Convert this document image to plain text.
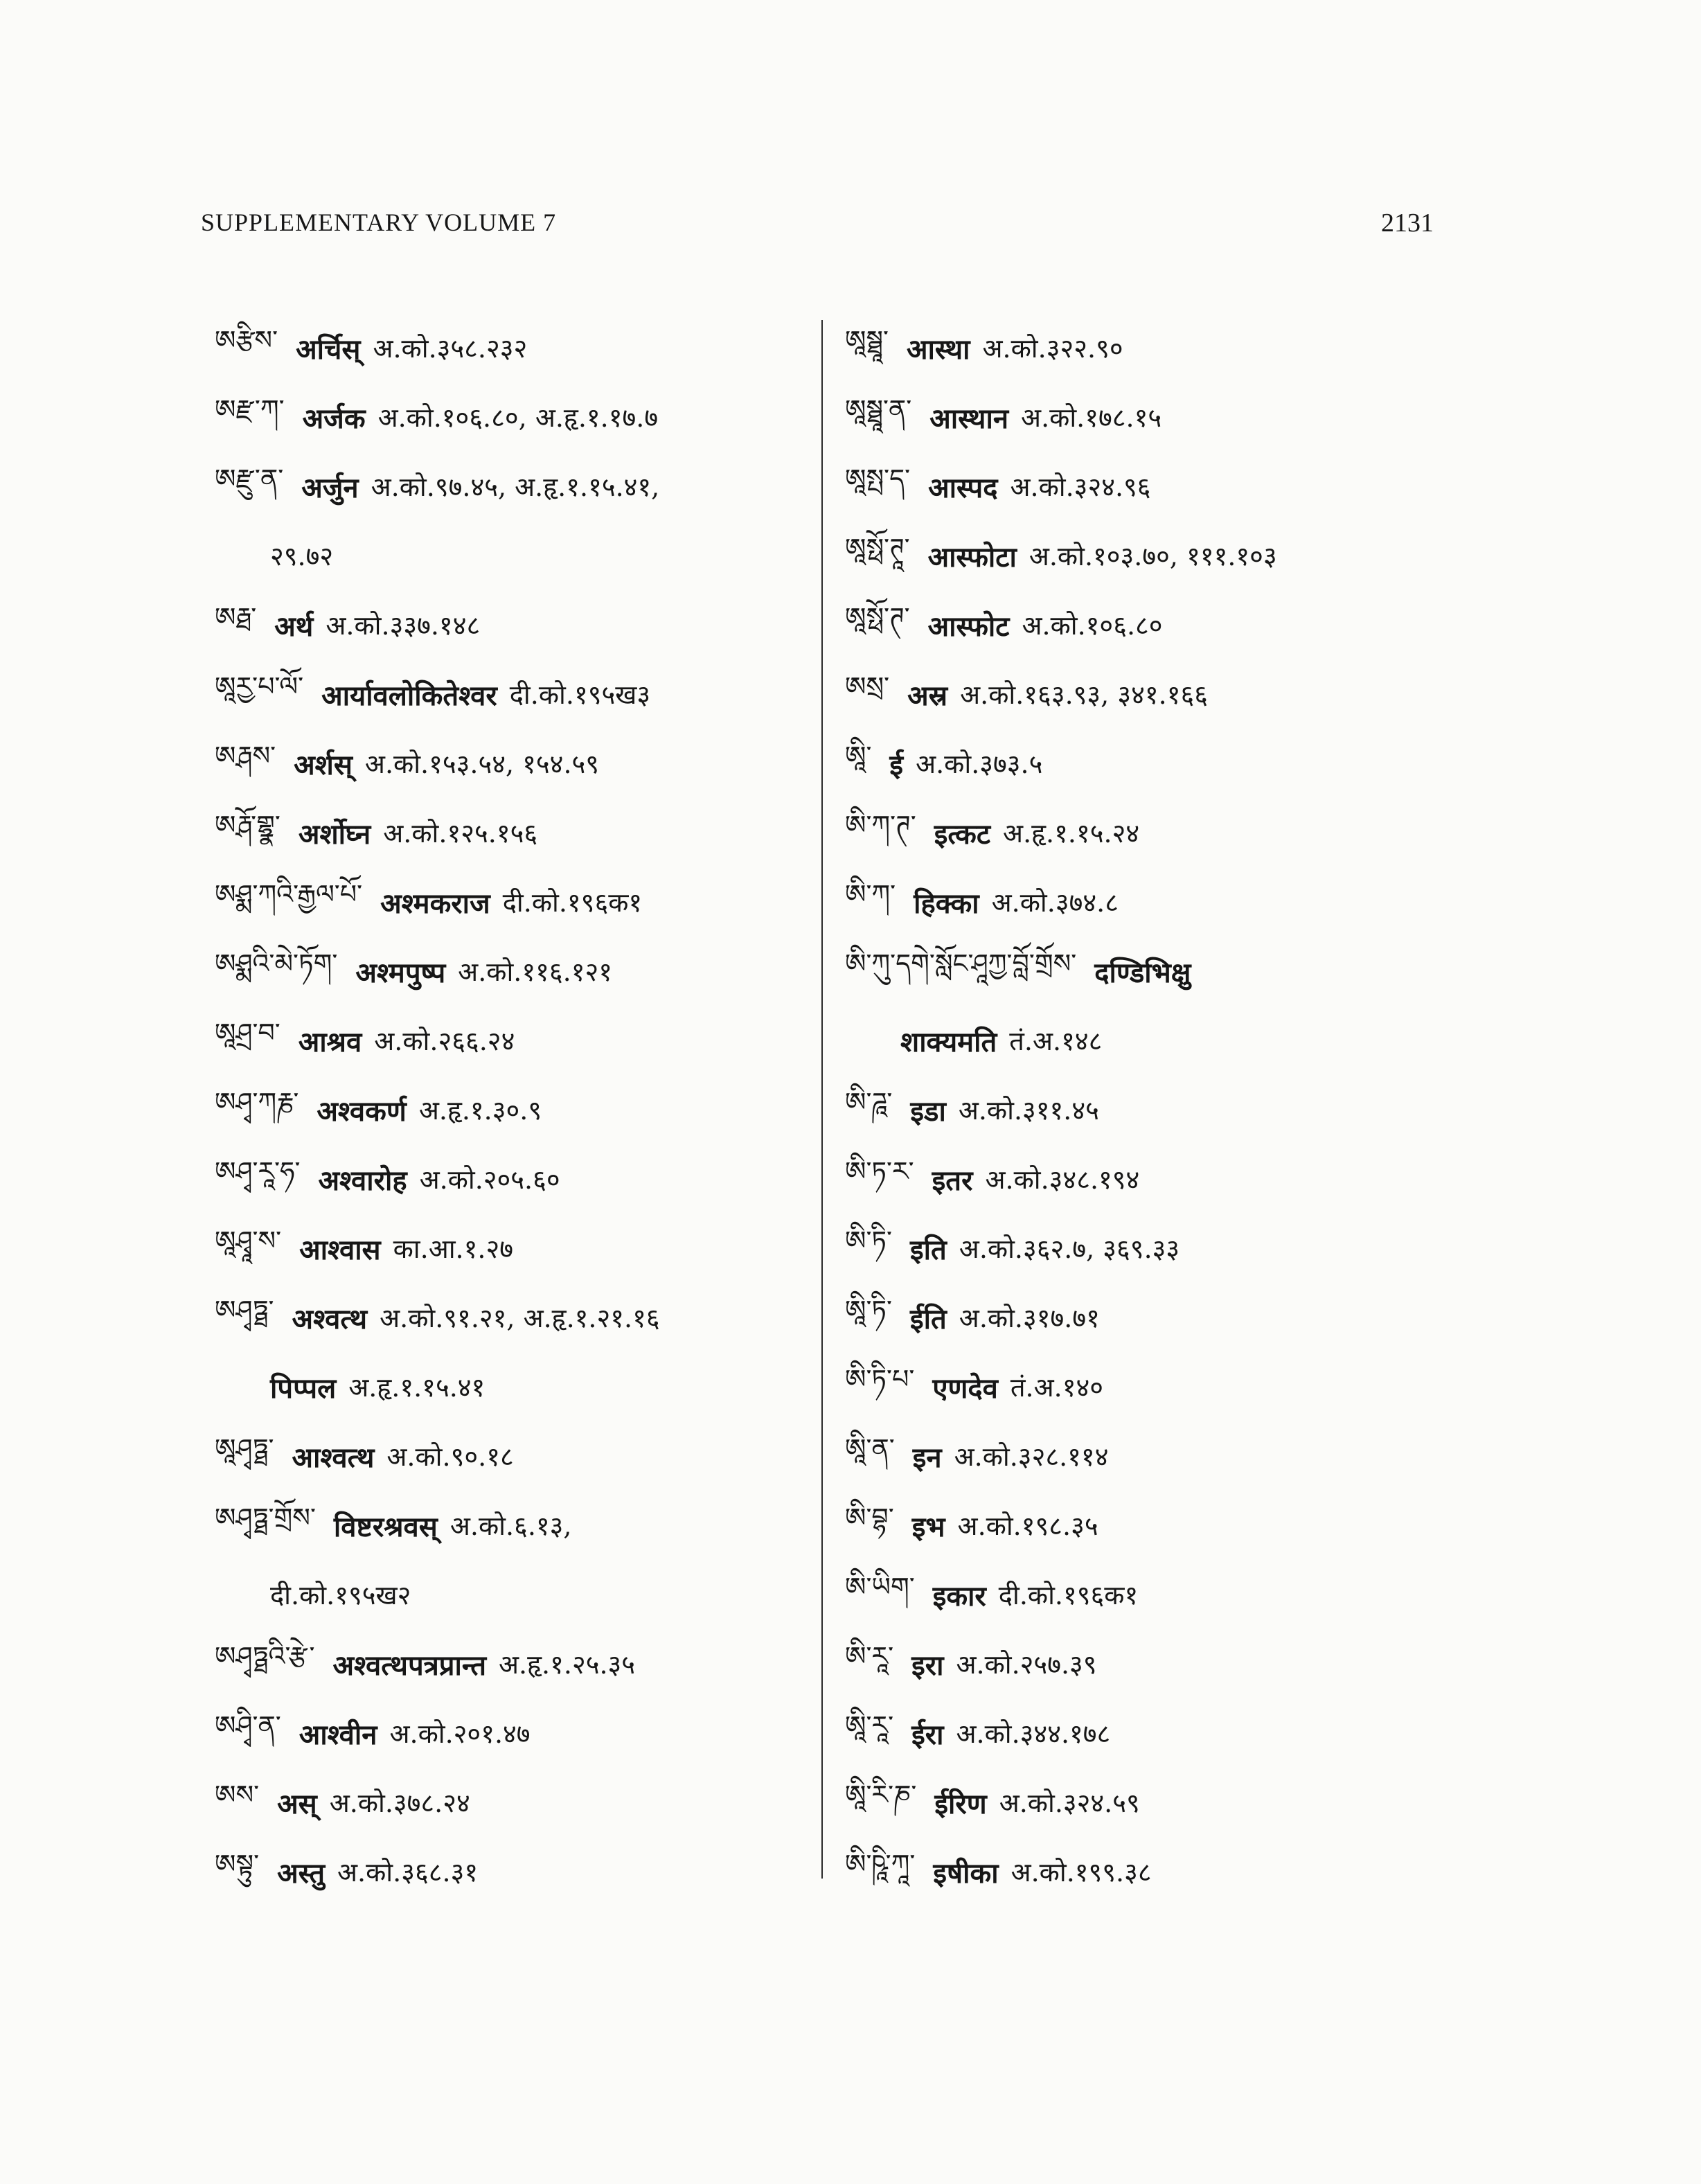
SUPPLEMENTARY VOLUME 7	2131
ཨརྩིས་ अर्चिस् अ.को.३५८.२३२
ཨརྫ་ཀ་ अर्जक अ.को.१०६.८०, अ.हृ.१.१७.७
ཨརྫུ་ན་ अर्जुन अ.को.९७.४५, अ.हृ.१.१५.४१,
२९.७२
ཨརྠ་ अर्थ अ.को.३३७.१४८
ཨཱརྱ་པ་ལོ་ आर्यावलोकितेश्वर दी.को.१९५ख३
ཨརྴས་ अर्शस् अ.को.१५३.५४, १५४.५९
ཨརྴོ་གྷྣ་ अर्शोघ्न अ.को.१२५.१५६
ཨཤྨ་ཀའི་རྒྱལ་པོ་ अश्मकराज दी.को.१९६क१
ཨཤྨའི་མེ་ཏོག་ अश्मपुष्प अ.को.११६.१२१
ཨཱཤྲ་བ་ आश्रव अ.को.२६६.२४
ཨཤྭ་ཀརྞ་ अश्वकर्ण अ.हृ.१.३०.९
ཨཤྭ་རཱ་ཧ་ अश्वारोह अ.को.२०५.६०
ཨཱཤྭཱ་ས་ आश्वास का.आ.१.२७
ཨཤྭཏྠ་ अश्वत्थ अ.को.९१.२१, अ.हृ.१.२१.१६
पिप्पल अ.हृ.१.१५.४१
ཨཱཤྭཏྠ་ आश्वत्थ अ.को.९०.१८
ཨཤྭཏྠ་གྲོས་ विष्टरश्रवस् अ.को.६.१३,
दी.को.१९५ख२
ཨཤྭཏྠའི་རྩེ་ अश्वत्थपत्रप्रान्त अ.हृ.१.२५.३५
ཨཤྭི་ན་ आश्वीन अ.को.२०१.४७
ཨས་ अस् अ.को.३७८.२४
ཨསྟུ་ अस्तु अ.को.३६८.३१
ཨཱསྠཱ་ आस्था अ.को.३२२.९०
ཨཱསྠཱ་ན་ आस्थान अ.को.१७८.१५
ཨཱསྤ་ད་ आस्पद अ.को.३२४.९६
ཨཱསྥོ་ཊཱ་ आस्फोटा अ.को.१०३.७०, १११.१०३
ཨཱསྥོ་ཊ་ आस्फोट अ.को.१०६.८०
ཨསྲ་ अस्र अ.को.१६३.९३, ३४१.१६६
ཨཱི་ ई अ.को.३७३.५
ཨི་ཀ་ཊ་ इत्कट अ.हृ.१.१५.२४
ཨི་ཀ་ हिक्का अ.को.३७४.८
ཨི་ཀུ་དགེ་སློང་ཤཱཀྱ་བློ་གྲོས་ दण्डिभिक्षु
शाक्यमति तं.अ.१४८
ཨི་ཌཱ་ इडा अ.को.३११.४५
ཨི་ཏ་ར་ इतर अ.को.३४८.१९४
ཨི་ཏི་ इति अ.को.३६२.७, ३६९.३३
ཨཱི་ཏི་ ईति अ.को.३१७.७१
ཨི་ཏི་པ་ एणदेव तं.अ.१४०
ཨཱི་ན་ इन अ.को.३२८.११४
ཨི་བྷ་ इभ अ.को.१९८.३५
ཨི་ཡིག་ इकार दी.को.१९६क१
ཨི་རཱ་ इरा अ.को.२५७.३९
ཨཱི་རཱ་ ईरा अ.को.३४४.१७८
ཨཱི་རི་ཎ་ ईरिण अ.को.३२४.५९
ཨི་ཥཱི་ཀཱ་ इषीका अ.को.१९९.३८
